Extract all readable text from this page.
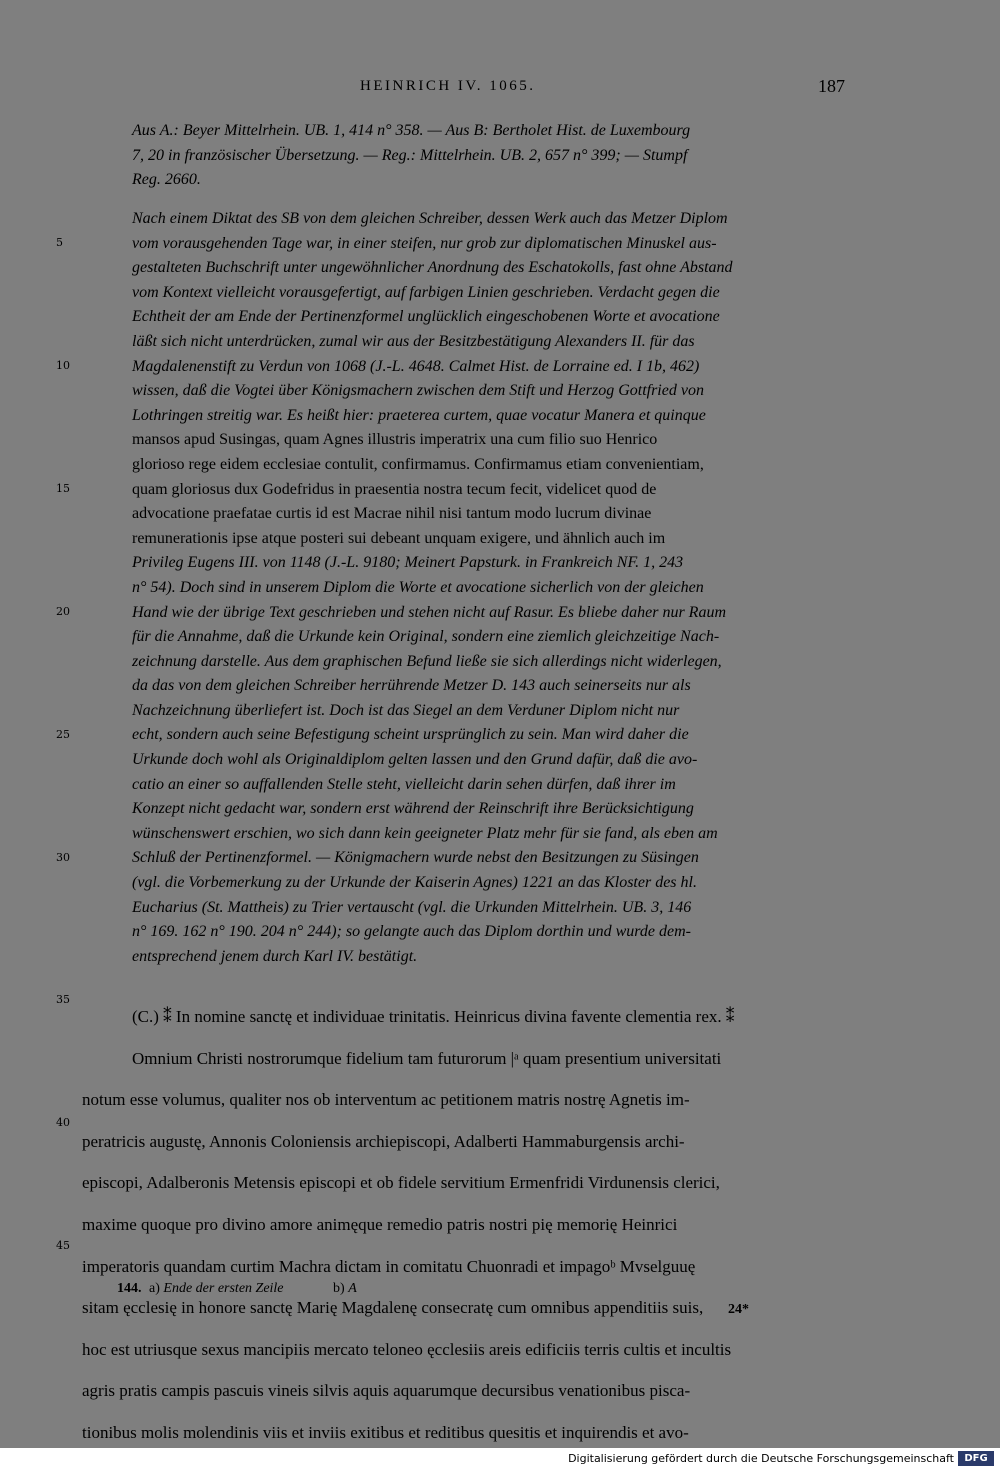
HEINRICH IV. 1065.	187

Aus A.: Beyer Mittelrhein. UB. 1, 414 n° 358. — Aus B: Bertholet Hist. de Luxembourg

7, 20 in französischer Übersetzung. — Reg.: Mittelrhein. UB. 2, 657 n° 399; — Stumpf

Reg. 2660.

Nach einem Diktat des SB von dem gleichen Schreiber, dessen Werk auch das Metzer Diplom

vom vorausgehenden Tage war, in einer steifen, nur grob zur diplomatischen Minuskel aus-

gestalteten Buchschrift unter ungewöhnlicher Anordnung des Eschatokolls, fast ohne Abstand

vom Kontext vielleicht vorausgefertigt, auf farbigen Linien geschrieben. Verdacht gegen die

Echtheit der am Ende der Pertinenzformel unglücklich eingeschobenen Worte et avocatione

läßt sich nicht unterdrücken, zumal wir aus der Besitzbestätigung Alexanders II. für das

Magdalenenstift zu Verdun von 1068 (J.-L. 4648. Calmet Hist. de Lorraine ed. I 1b, 462)

wissen, daß die Vogtei über Königsmachern zwischen dem Stift und Herzog Gottfried von

Lothringen streitig war. Es heißt hier: praeterea curtem, quae vocatur Manera et quinque

mansos apud Susingas, quam Agnes illustris imperatrix una cum filio suo Henrico

glorioso rege eidem ecclesiae contulit, confirmamus. Confirmamus etiam convenientiam,

quam gloriosus dux Godefridus in praesentia nostra tecum fecit, videlicet quod de

advocatione praefatae curtis id est Macrae nihil nisi tantum modo lucrum divinae

remunerationis ipse atque posteri sui debeant unquam exigere, und ähnlich auch im

Privileg Eugens III. von 1148 (J.-L. 9180; Meinert Papsturk. in Frankreich NF. 1, 243

n° 54). Doch sind in unserem Diplom die Worte et avocatione sicherlich von der gleichen

Hand wie der übrige Text geschrieben und stehen nicht auf Rasur. Es bliebe daher nur Raum

für die Annahme, daß die Urkunde kein Original, sondern eine ziemlich gleichzeitige Nach-

zeichnung darstelle. Aus dem graphischen Befund ließe sie sich allerdings nicht widerlegen,

da das von dem gleichen Schreiber herrührende Metzer D. 143 auch seinerseits nur als

Nachzeichnung überliefert ist. Doch ist das Siegel an dem Verduner Diplom nicht nur

echt, sondern auch seine Befestigung scheint ursprünglich zu sein. Man wird daher die

Urkunde doch wohl als Originaldiplom gelten lassen und den Grund dafür, daß die avo-

catio an einer so auffallenden Stelle steht, vielleicht darin sehen dürfen, daß ihrer im

Konzept nicht gedacht war, sondern erst während der Reinschrift ihre Berücksichtigung

wünschenswert erschien, wo sich dann kein geeigneter Platz mehr für sie fand, als eben am

Schluß der Pertinenzformel. — Königmachern wurde nebst den Besitzungen zu Süsingen

(vgl. die Vorbemerkung zu der Urkunde der Kaiserin Agnes) 1221 an das Kloster des hl.

Eucharius (St. Mattheis) zu Trier vertauscht (vgl. die Urkunden Mittelrhein. UB. 3, 146

n° 169. 162 n° 190. 204 n° 244); so gelangte auch das Diplom dorthin und wurde dem-

entsprechend jenem durch Karl IV. bestätigt.

(C.) ⁑ In nomine sanctę et individuae trinitatis. Heinricus divina favente clementia rex. ⁑

Omnium Christi nostrorumque fidelium tam futurorum |ᵃ quam presentium universitati

notum esse volumus, qualiter nos ob interventum ac petitionem matris nostrę Agnetis im-

peratricis augustę, Annonis Coloniensis archiepiscopi, Adalberti Hammaburgensis archi-

episcopi, Adalberonis Metensis episcopi et ob fidele servitium Ermenfridi Virdunensis clerici,

maxime quoque pro divino amore animęque remedio patris nostri pię memorię Heinrici

imperatoris quandam curtim Machra dictam in comitatu Chuonradi et impagoᵇ Mvselguuę

sitam ęcclesię in honore sanctę Marię Magdalenę consecratę cum omnibus appenditiis suis,

hoc est utriusque sexus mancipiis mercato teloneo ęcclesiis areis edificiis terris cultis et incultis

agris pratis campis pascuis vineis silvis aquis aquarumque decursibus venationibus pisca-

tionibus molis molendinis viis et inviis exitibus et reditibus quesitis et inquirendis et avo-

5
10
15
20
25
30
35
40
45
144. a) Ende der ersten Zeile	b) A
24*
Digitalisierung gefördert durch die Deutsche Forschungsgemeinschaft	DFG
